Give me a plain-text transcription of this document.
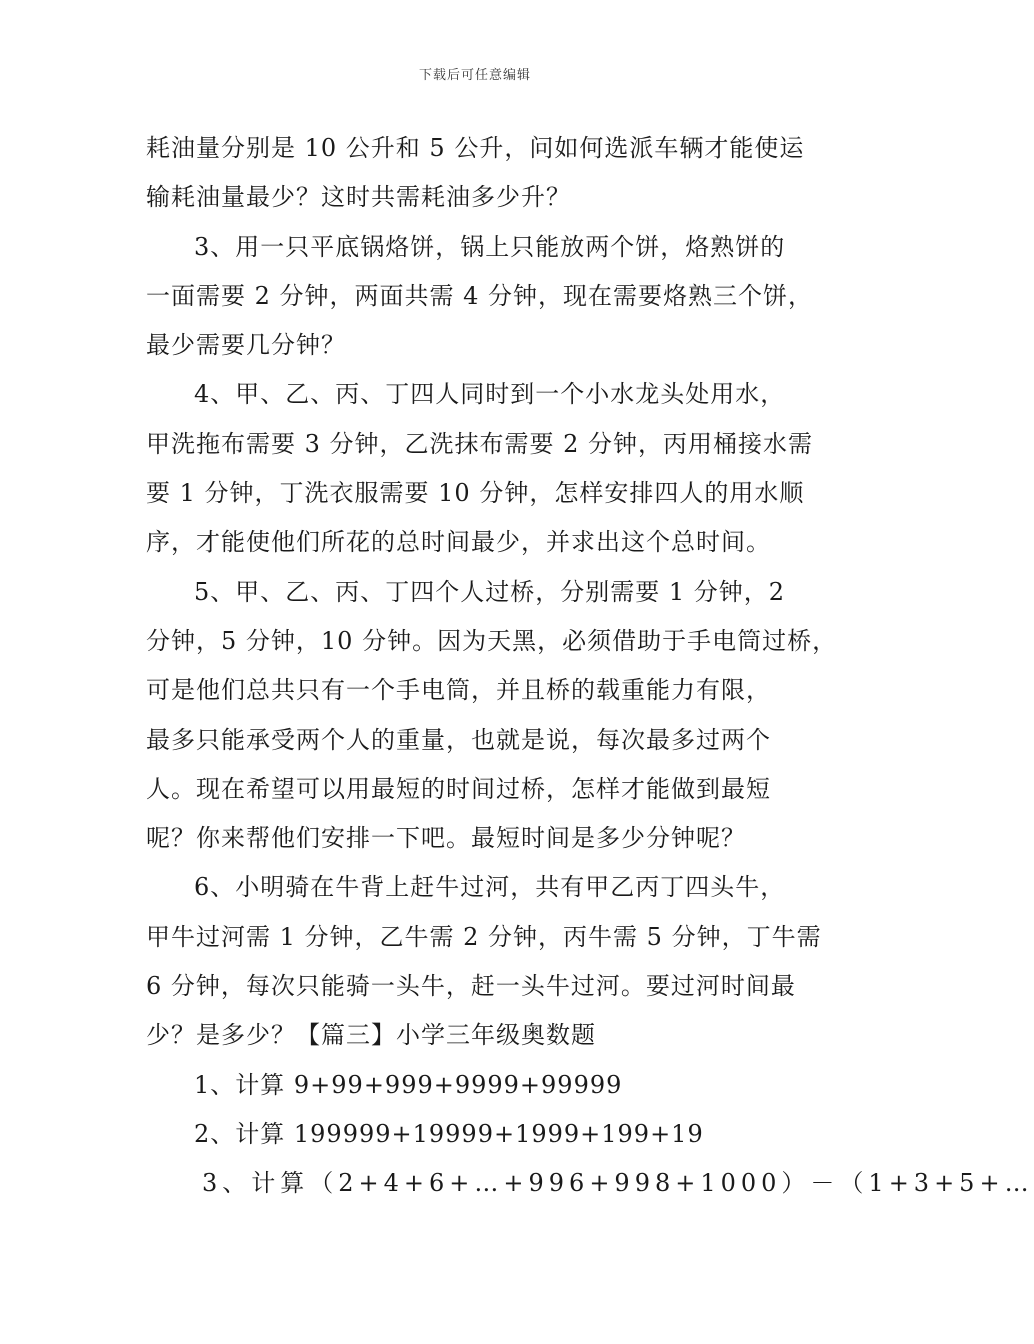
下载后可任意编辑
耗油量分别是 10 公升和 5 公升，问如何选派车辆才能使运
输耗油量最少？这时共需耗油多少升？
3、用一只平底锅烙饼，锅上只能放两个饼，烙熟饼的
一面需要 2 分钟，两面共需 4 分钟，现在需要烙熟三个饼，
最少需要几分钟？
4、甲、乙、丙、丁四人同时到一个小水龙头处用水，
甲洗拖布需要 3 分钟，乙洗抹布需要 2 分钟，丙用桶接水需
要 1 分钟，丁洗衣服需要 10 分钟，怎样安排四人的用水顺
序，才能使他们所花的总时间最少，并求出这个总时间。
5、甲、乙、丙、丁四个人过桥，分别需要 1 分钟，2
分钟，5 分钟，10 分钟。因为天黑，必须借助于手电筒过桥，
可是他们总共只有一个手电筒，并且桥的载重能力有限，
最多只能承受两个人的重量，也就是说，每次最多过两个
人。现在希望可以用最短的时间过桥，怎样才能做到最短
呢？你来帮他们安排一下吧。最短时间是多少分钟呢？
6、小明骑在牛背上赶牛过河，共有甲乙丙丁四头牛，
甲牛过河需 1 分钟，乙牛需 2 分钟，丙牛需 5 分钟，丁牛需
6 分钟，每次只能骑一头牛，赶一头牛过河。要过河时间最
少？是多少？【篇三】小学三年级奥数题
1、计算 9+99+999+9999+99999
2、计算 199999+19999+1999+199+19
3、计算（2+4+6+…+996+998+1000）－（1+3+5+…
